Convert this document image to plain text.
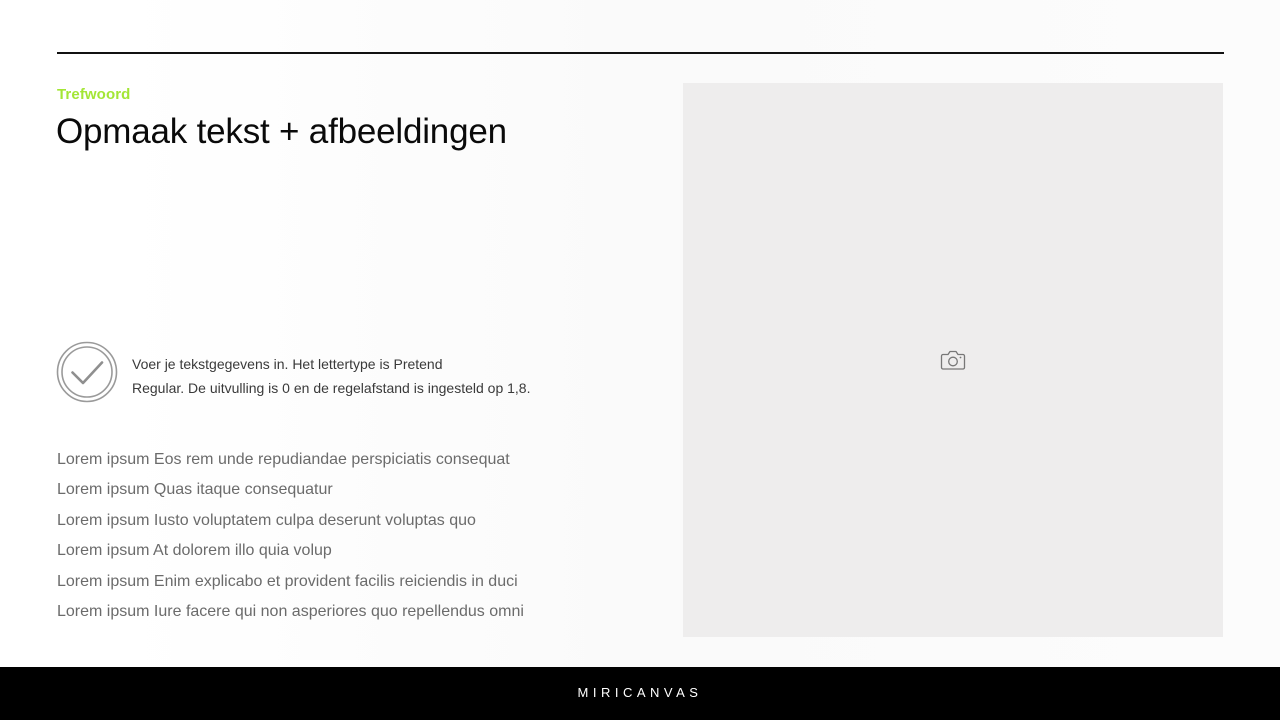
Trefwoord
Opmaak tekst + afbeeldingen

Voer je tekstgegevens in. Het lettertype is Pretend

Regular. De uitvulling is 0 en de regelafstand is ingesteld op 1,8.

Lorem ipsum Eos rem unde repudiandae perspiciatis consequat
Lorem ipsum Quas itaque consequatur
Lorem ipsum Iusto voluptatem culpa deserunt voluptas quo
Lorem ipsum At dolorem illo quia volup
Lorem ipsum Enim explicabo et provident facilis reiciendis in duci
Lorem ipsum Iure facere qui non asperiores quo repellendus omni
MIRICANVAS
